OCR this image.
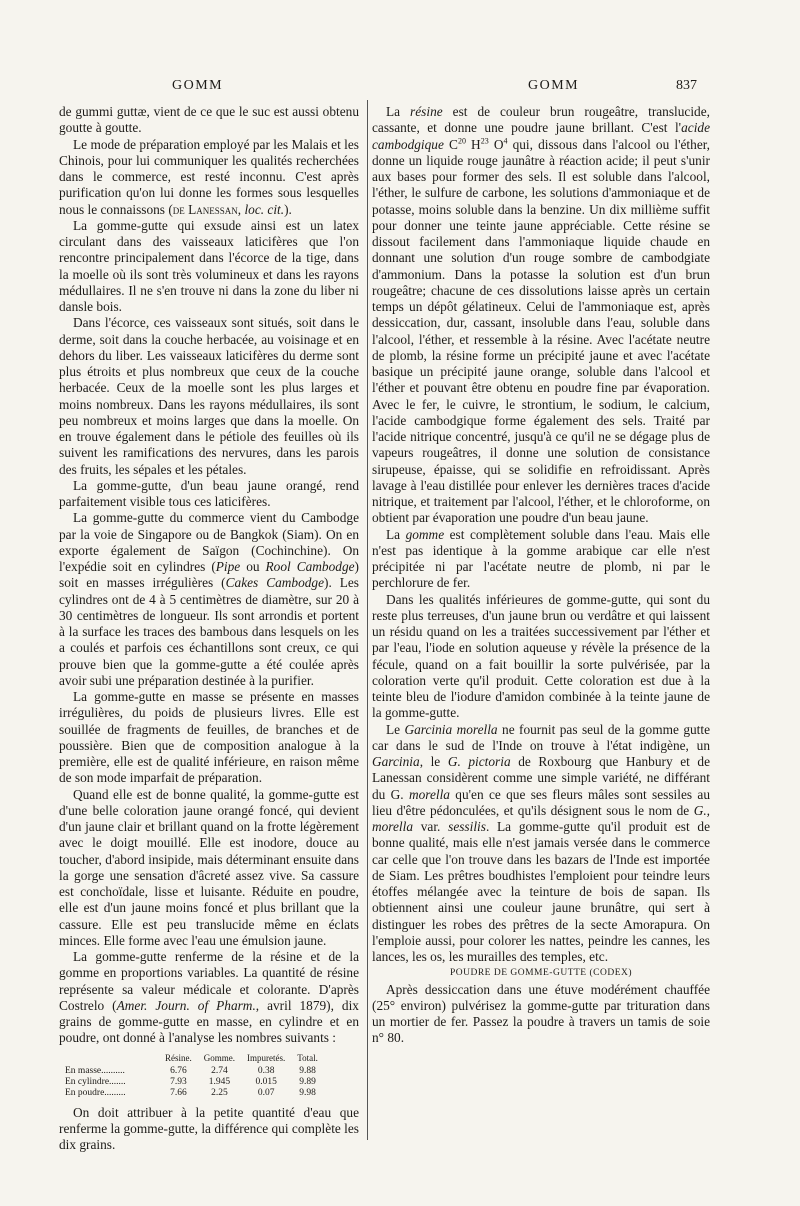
GOMM	GOMM	837

de gummi guttæ, vient de ce que le suc est aussi obtenu goutte à goutte.

Le mode de préparation employé par les Malais et les Chinois, pour lui communiquer les qualités recherchées dans le commerce, est resté inconnu. C'est après purification qu'on lui donne les formes sous lesquelles nous le connaissons (de Lanessan, loc. cit.).

La gomme-gutte qui exsude ainsi est un latex circulant dans des vaisseaux laticifères que l'on rencontre principalement dans l'écorce de la tige, dans la moelle où ils sont très volumineux et dans les rayons médullaires. Il ne s'en trouve ni dans la zone du liber ni dansle bois.

Dans l'écorce, ces vaisseaux sont situés, soit dans le derme, soit dans la couche herbacée, au voisinage et en dehors du liber. Les vaisseaux laticifères du derme sont plus étroits et plus nombreux que ceux de la couche herbacée. Ceux de la moelle sont les plus larges et moins nombreux. Dans les rayons médullaires, ils sont peu nombreux et moins larges que dans la moelle. On en trouve également dans le pétiole des feuilles où ils suivent les ramifications des nervures, dans les parois des fruits, les sépales et les pétales.

La gomme-gutte, d'un beau jaune orangé, rend parfaitement visible tous ces laticifères.

La gomme-gutte du commerce vient du Cambodge par la voie de Singapore ou de Bangkok (Siam). On en exporte également de Saïgon (Cochinchine). On l'expédie soit en cylindres (Pipe ou Rool Cambodge) soit en masses irrégulières (Cakes Cambodge). Les cylindres ont de 4 à 5 centimètres de diamètre, sur 20 à 30 centimètres de longueur. Ils sont arrondis et portent à la surface les traces des bambous dans lesquels on les a coulés et parfois ces échantillons sont creux, ce qui prouve bien que la gomme-gutte a été coulée après avoir subi une préparation destinée à la purifier.

La gomme-gutte en masse se présente en masses irrégulières, du poids de plusieurs livres. Elle est souillée de fragments de feuilles, de branches et de poussière. Bien que de composition analogue à la première, elle est de qualité inférieure, en raison même de son mode imparfait de préparation.

Quand elle est de bonne qualité, la gomme-gutte est d'une belle coloration jaune orangé foncé, qui devient d'un jaune clair et brillant quand on la frotte légèrement avec le doigt mouillé. Elle est inodore, douce au toucher, d'abord insipide, mais déterminant ensuite dans la gorge une sensation d'âcreté assez vive. Sa cassure est conchoïdale, lisse et luisante. Réduite en poudre, elle est d'un jaune moins foncé et plus brillant que la cassure. Elle est peu translucide même en éclats minces. Elle forme avec l'eau une émulsion jaune.

La gomme-gutte renferme de la résine et de la gomme en proportions variables. La quantité de résine représente sa valeur médicale et colorante. D'après Costrelo (Amer. Journ. of Pharm., avril 1879), dix grains de gomme-gutte en masse, en cylindre et en poudre, ont donné à l'analyse les nombres suivants :

	Résine.	Gomme.	Impuretés.	Total.
En masse..........	6.76	2.74	0.38	9.88
En cylindre.......	7.93	1.945	0.015	9.89
En poudre.........	7.66	2.25	0.07	9.98

On doit attribuer à la petite quantité d'eau que renferme la gomme-gutte, la différence qui complète les dix grains.

La résine est de couleur brun rougeâtre, translucide, cassante, et donne une poudre jaune brillant. C'est l'acide cambodgique $C^{20}$ $H^{23}$ $O^4$ qui, dissous dans l'alcool ou l'éther, donne un liquide rouge jaunâtre à réaction acide; il peut s'unir aux bases pour former des sels. Il est soluble dans l'alcool, l'éther, le sulfure de carbone, les solutions d'ammoniaque et de potasse, moins soluble dans la benzine. Un dix millième suffit pour donner une teinte jaune appréciable. Cette résine se dissout facilement dans l'ammoniaque liquide chaude en donnant une solution d'un rouge sombre de cambodgiate d'ammonium. Dans la potasse la solution est d'un brun rougeâtre; chacune de ces dissolutions laisse après un certain temps un dépôt gélatineux. Celui de l'ammoniaque est, après dessiccation, dur, cassant, insoluble dans l'eau, soluble dans l'alcool, l'éther, et ressemble à la résine. Avec l'acétate neutre de plomb, la résine forme un précipité jaune et avec l'acétate basique un précipité jaune orange, soluble dans l'alcool et l'éther et pouvant être obtenu en poudre fine par évaporation. Avec le fer, le cuivre, le strontium, le sodium, le calcium, l'acide cambodgique forme également des sels. Traité par l'acide nitrique concentré, jusqu'à ce qu'il ne se dégage plus de vapeurs rougeâtres, il donne une solution de consistance sirupeuse, épaisse, qui se solidifie en refroidissant. Après lavage à l'eau distillée pour enlever les dernières traces d'acide nitrique, et traitement par l'alcool, l'éther, et le chloroforme, on obtient par évaporation une poudre d'un beau jaune.

La gomme est complètement soluble dans l'eau. Mais elle n'est pas identique à la gomme arabique car elle n'est précipitée ni par l'acétate neutre de plomb, ni par le perchlorure de fer.

Dans les qualités inférieures de gomme-gutte, qui sont du reste plus terreuses, d'un jaune brun ou verdâtre et qui laissent un résidu quand on les a traitées successivement par l'éther et par l'eau, l'iode en solution aqueuse y révèle la présence de la fécule, quand on a fait bouillir la sorte pulvérisée, par la coloration verte qu'il produit. Cette coloration est due à la teinte bleu de l'iodure d'amidon combinée à la teinte jaune de la gomme-gutte.

Le Garcinia morella ne fournit pas seul de la gomme gutte car dans le sud de l'Inde on trouve à l'état indigène, un Garcinia, le G. pictoria de Roxbourg que Hanbury et de Lanessan considèrent comme une simple variété, ne différant du G. morella qu'en ce que ses fleurs mâles sont sessiles au lieu d'être pédonculées, et qu'ils désignent sous le nom de G., morella var. sessilis. La gomme-gutte qu'il produit est de bonne qualité, mais elle n'est jamais versée dans le commerce car celle que l'on trouve dans les bazars de l'Inde est importée de Siam. Les prêtres boudhistes l'emploient pour teindre leurs étoffes mélangée avec la teinture de bois de sapan. Ils obtiennent ainsi une couleur jaune brunâtre, qui sert à distinguer les robes des prêtres de la secte Amorapura. On l'emploie aussi, pour colorer les nattes, peindre les cannes, les lances, les os, les murailles des temples, etc.

POUDRE DE GOMME-GUTTE (CODEX)

Après dessiccation dans une étuve modérément chauffée (25° environ) pulvérisez la gomme-gutte par trituration dans un mortier de fer. Passez la poudre à travers un tamis de soie n° 80.
